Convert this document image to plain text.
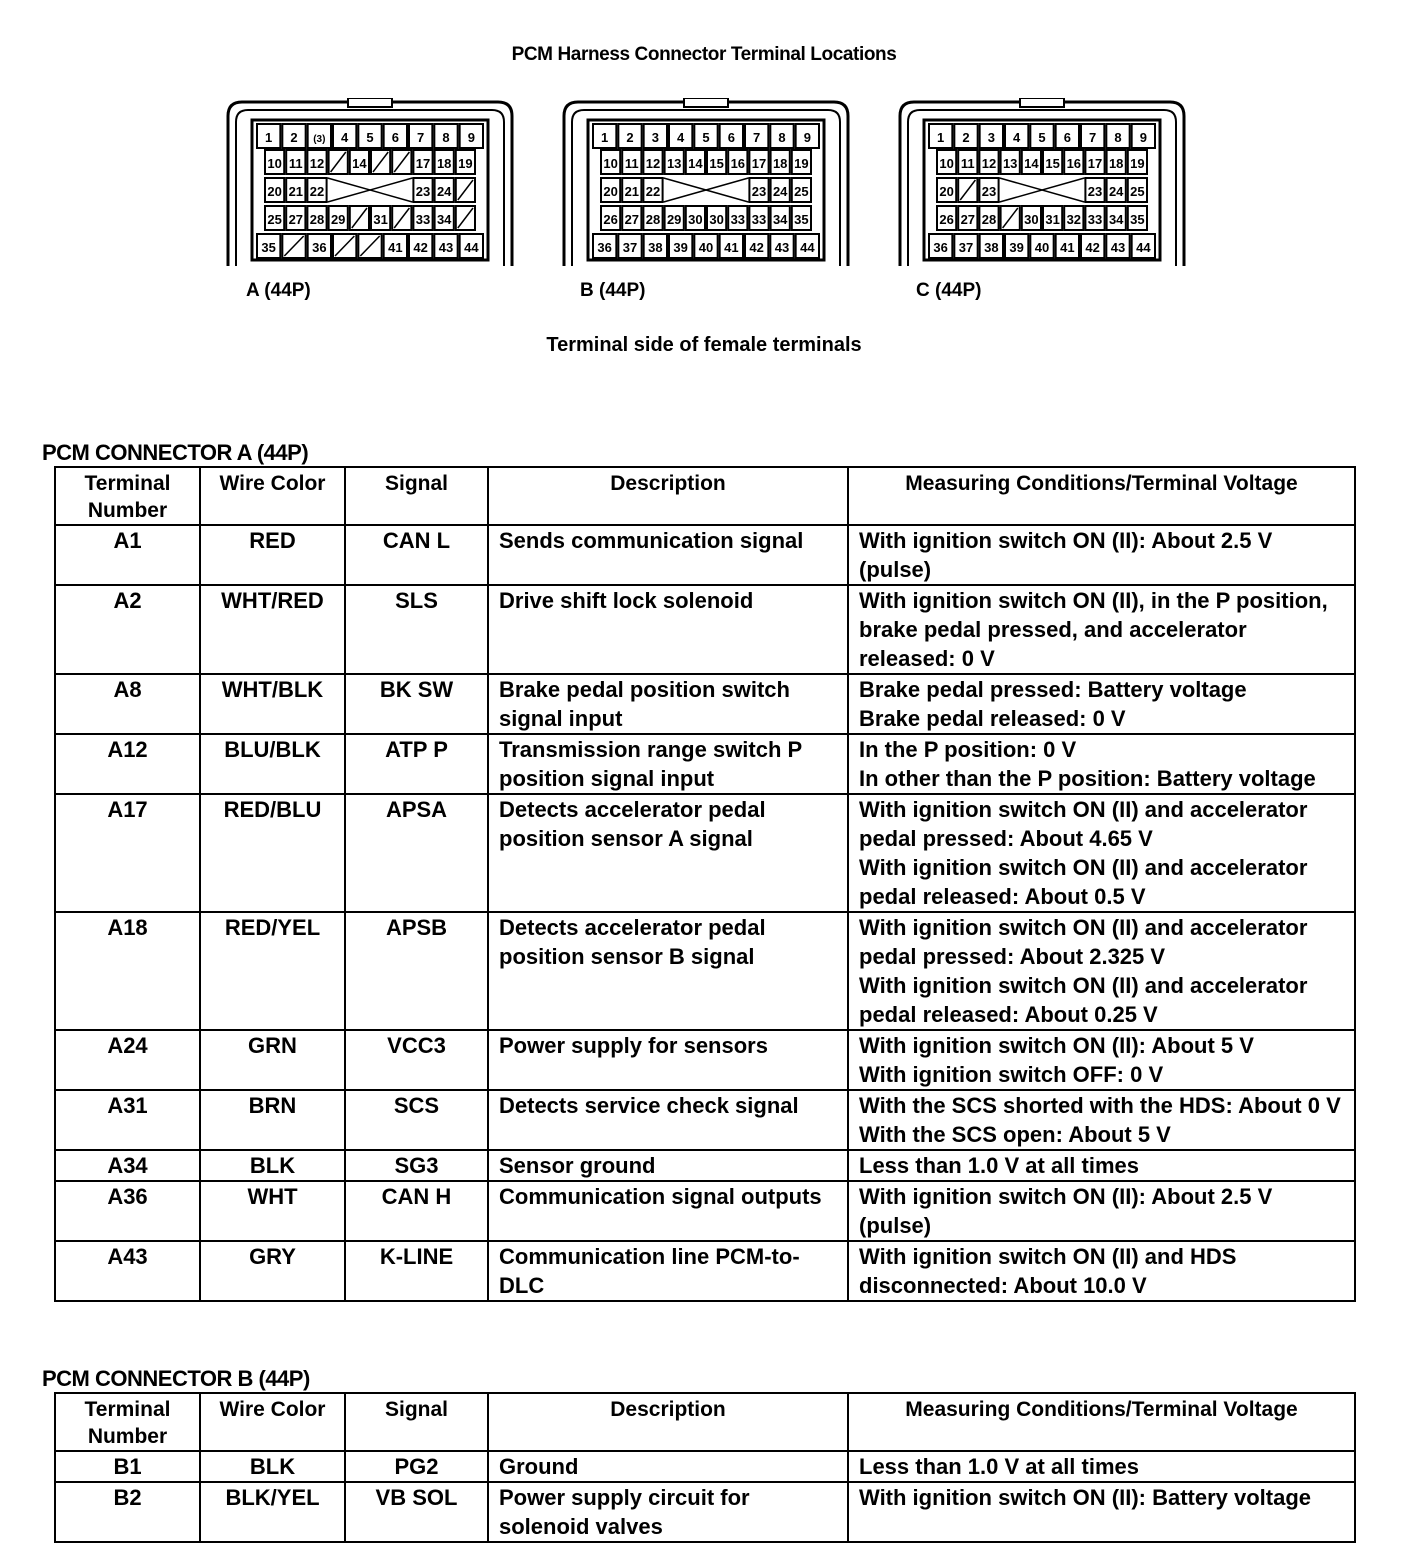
PCM Harness Connector Terminal Locations
1 2 (3) 4 5 6 7 8 9
10 11 12 14	17 18 19
20 21 22	23 24
25 27 28 29 31 33 34
35	36	41 42 43 44
1 2 3 4 5 6 7 8 9
10 11 12 13 14 15 16 17 18 19
20 21 22	23 24 25
26 27 28 29 30 30 33 33 34 35
36 37 38 39 40 41 42 43 44
1 2 3 4 5 6 7 8 9
10 11 12 13 14 15 16 17 18 19
20 23	23 24 25
26 27 28 30 31 32 33 34 35
36 37 38 39 40 41 42 43 44
A (44P)	B (44P)	C (44P)
Terminal side of female terminals
PCM CONNECTOR A (44P)
Terminal Number	Wire Color	Signal	Description	Measuring Conditions/Terminal Voltage
A1	RED	CAN L	Sends communication signal	With ignition switch ON (II): About 2.5 V (pulse)

A2	WHT/RED	SLS	Drive shift lock solenoid	With ignition switch ON (II), in the P position, brake pedal pressed, and accelerator released: 0 V

A8	WHT/BLK	BK SW	Brake pedal position switch signal input	Brake pedal pressed: Battery voltage
Brake pedal released: 0 V

A12	BLU/BLK	ATP P	Transmission range switch P position signal input	In the P position: 0 V
In other than the P position: Battery voltage

A17	RED/BLU	APSA	Detects accelerator pedal position sensor A signal	With ignition switch ON (II) and accelerator pedal pressed: About 4.65 V
With ignition switch ON (II) and accelerator pedal released: About 0.5 V

A18	RED/YEL	APSB	Detects accelerator pedal position sensor B signal	With ignition switch ON (II) and accelerator pedal pressed: About 2.325 V
With ignition switch ON (II) and accelerator pedal released: About 0.25 V

A24	GRN	VCC3	Power supply for sensors	With ignition switch ON (II): About 5 V
With ignition switch OFF: 0 V

A31	BRN	SCS	Detects service check signal	With the SCS shorted with the HDS: About 0 V
With the SCS open: About 5 V

A34	BLK	SG3	Sensor ground	Less than 1.0 V at all times

A36	WHT	CAN H	Communication signal outputs	With ignition switch ON (II): About 2.5 V (pulse)

A43	GRY	K-LINE	Communication line PCM-to-DLC	With ignition switch ON (II) and HDS disconnected: About 10.0 V
PCM CONNECTOR B (44P)
Terminal Number	Wire Color	Signal	Description	Measuring Conditions/Terminal Voltage
B1	BLK	PG2	Ground	Less than 1.0 V at all times

B2	BLK/YEL	VB SOL	Power supply circuit for solenoid valves	With ignition switch ON (II): Battery voltage
